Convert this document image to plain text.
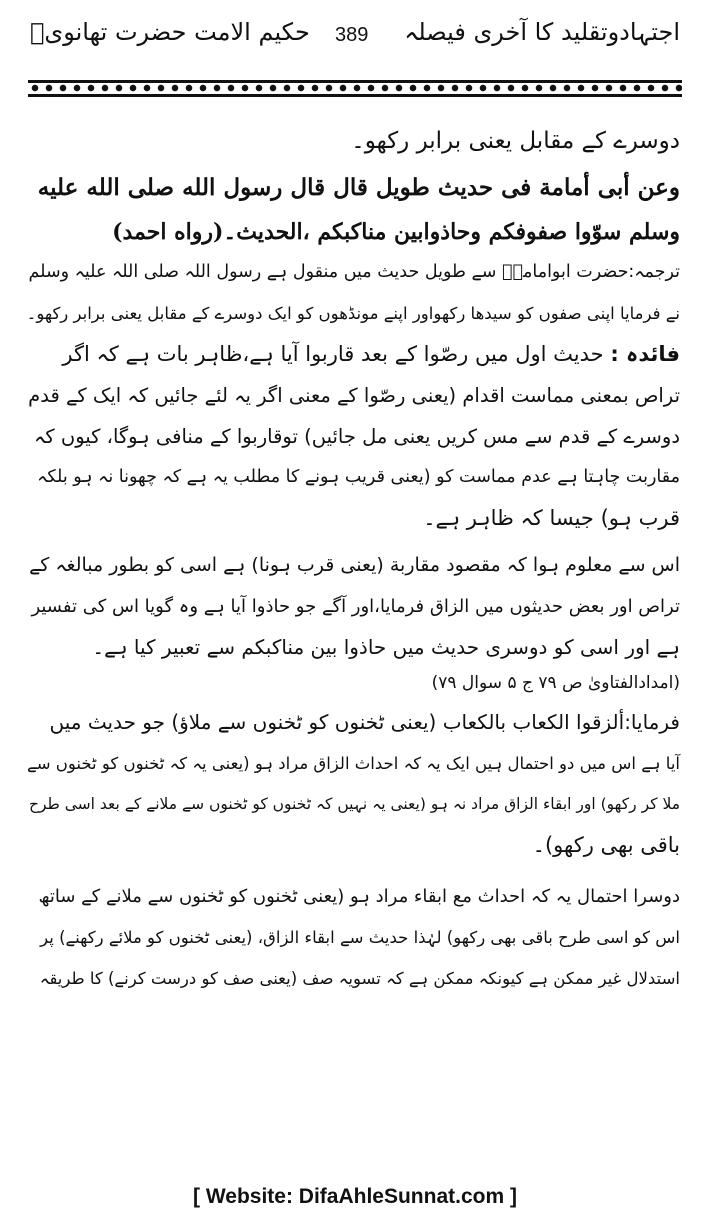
اجتہادوتقلید کا آخری فیصلہ
389
حکیم الامت حضرت تھانویؒ
دوسرے کے مقابل یعنی برابر رکھو۔
وعن أبی أمامة فی حدیث طویل قال قال رسول الله صلی الله علیه
وسلم سوّوا صفوفکم وحاذوابین مناکبکم ،الحدیث۔(رواه احمد)
ترجمہ:حضرت ابوامامہؓ سے طویل حدیث میں منقول ہے رسول اللہ صلی اللہ علیہ وسلم
نے فرمایا اپنی صفوں کو سیدھا رکھواور اپنے مونڈھوں کو ایک دوسرے کے مقابل یعنی برابر رکھو۔
فائدہ : حدیث اول میں رصّوا کے بعد قاربوا آیا ہے،ظاہر بات ہے کہ اگر
تراص بمعنی مماست اقدام (یعنی رصّوا کے معنی اگر یہ لئے جائیں کہ ایک کے قدم
دوسرے کے قدم سے مس کریں یعنی مل جائیں) توقاربوا کے منافی ہوگا، کیوں کہ
مقاربت چاہتا ہے عدم مماست کو (یعنی قریب ہونے کا مطلب یہ ہے کہ چھونا نہ ہو بلکہ
قرب ہو) جیسا کہ ظاہر ہے۔
اس سے معلوم ہوا کہ مقصود مقاربة (یعنی قرب ہونا) ہے اسی کو بطور مبالغہ کے
تراص اور بعض حدیثوں میں الزاق فرمایا،اور آگے جو حاذوا آیا ہے وہ گویا اس کی تفسیر
ہے اور اسی کو دوسری حدیث میں حاذوا بین مناکبکم سے تعبیر کیا ہے۔
(امدادالفتاویٰ ص ۷۹ ج ۵ سوال ۷۹)
فرمایا:ألزقوا الکعاب بالکعاب (یعنی ٹخنوں کو ٹخنوں سے ملاؤ) جو حدیث میں
آیا ہے اس میں دو احتمال ہیں ایک یہ کہ احداث الزاق مراد ہو (یعنی یہ کہ ٹخنوں کو ٹخنوں سے
ملا کر رکھو) اور ابقاء الزاق مراد نہ ہو (یعنی یہ نہیں کہ ٹخنوں کو ٹخنوں سے ملانے کے بعد اسی طرح
باقی بھی رکھو)۔
دوسرا احتمال یہ کہ احداث مع ابقاء مراد ہو (یعنی ٹخنوں کو ٹخنوں سے ملانے کے ساتھ
اس کو اسی طرح باقی بھی رکھو) لہٰذا حدیث سے ابقاء الزاق، (یعنی ٹخنوں کو ملائے رکھنے) پر
استدلال غیر ممکن ہے کیونکہ ممکن ہے کہ تسویہ صف (یعنی صف کو درست کرنے) کا طریقہ
[ Website: DifaAhleSunnat.com ]
